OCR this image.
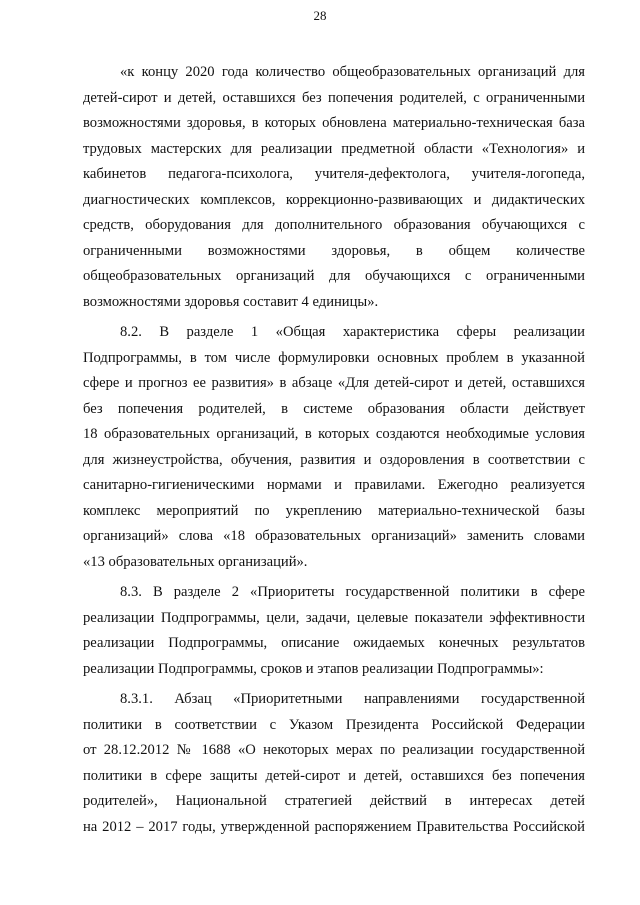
28
«к концу 2020 года количество общеобразовательных организаций для
детей-сирот и детей, оставшихся без попечения родителей, с ограниченными
возможностями здоровья, в которых обновлена материально-техническая база
трудовых мастерских для реализации предметной области «Технология» и
кабинетов педагога-психолога, учителя-дефектолога, учителя-логопеда,
диагностических комплексов, коррекционно-развивающих и дидактических
средств, оборудования для дополнительного образования обучающихся с
ограниченными возможностями здоровья, в общем количестве
общеобразовательных организаций для обучающихся с ограниченными
возможностями здоровья составит 4 единицы».
8.2. В разделе 1 «Общая характеристика сферы реализации
Подпрограммы, в том числе формулировки основных проблем в указанной
сфере и прогноз ее развития» в абзаце «Для детей-сирот и детей, оставшихся
без попечения родителей, в системе образования области действует
18 образовательных организаций, в которых создаются необходимые условия
для жизнеустройства, обучения, развития и оздоровления в соответствии с
санитарно-гигиеническими нормами и правилами. Ежегодно реализуется
комплекс мероприятий по укреплению материально-технической базы
организаций» слова «18 образовательных организаций» заменить словами
«13 образовательных организаций».
8.3. В разделе 2 «Приоритеты государственной политики в сфере
реализации Подпрограммы, цели, задачи, целевые показатели эффективности
реализации Подпрограммы, описание ожидаемых конечных результатов
реализации Подпрограммы, сроков и этапов реализации Подпрограммы»:
8.3.1. Абзац «Приоритетными направлениями государственной
политики в соответствии с Указом Президента Российской Федерации
от 28.12.2012 № 1688 «О некоторых мерах по реализации государственной
политики в сфере защиты детей-сирот и детей, оставшихся без попечения
родителей», Национальной стратегией действий в интересах детей
на 2012 – 2017 годы, утвержденной распоряжением Правительства Российской
